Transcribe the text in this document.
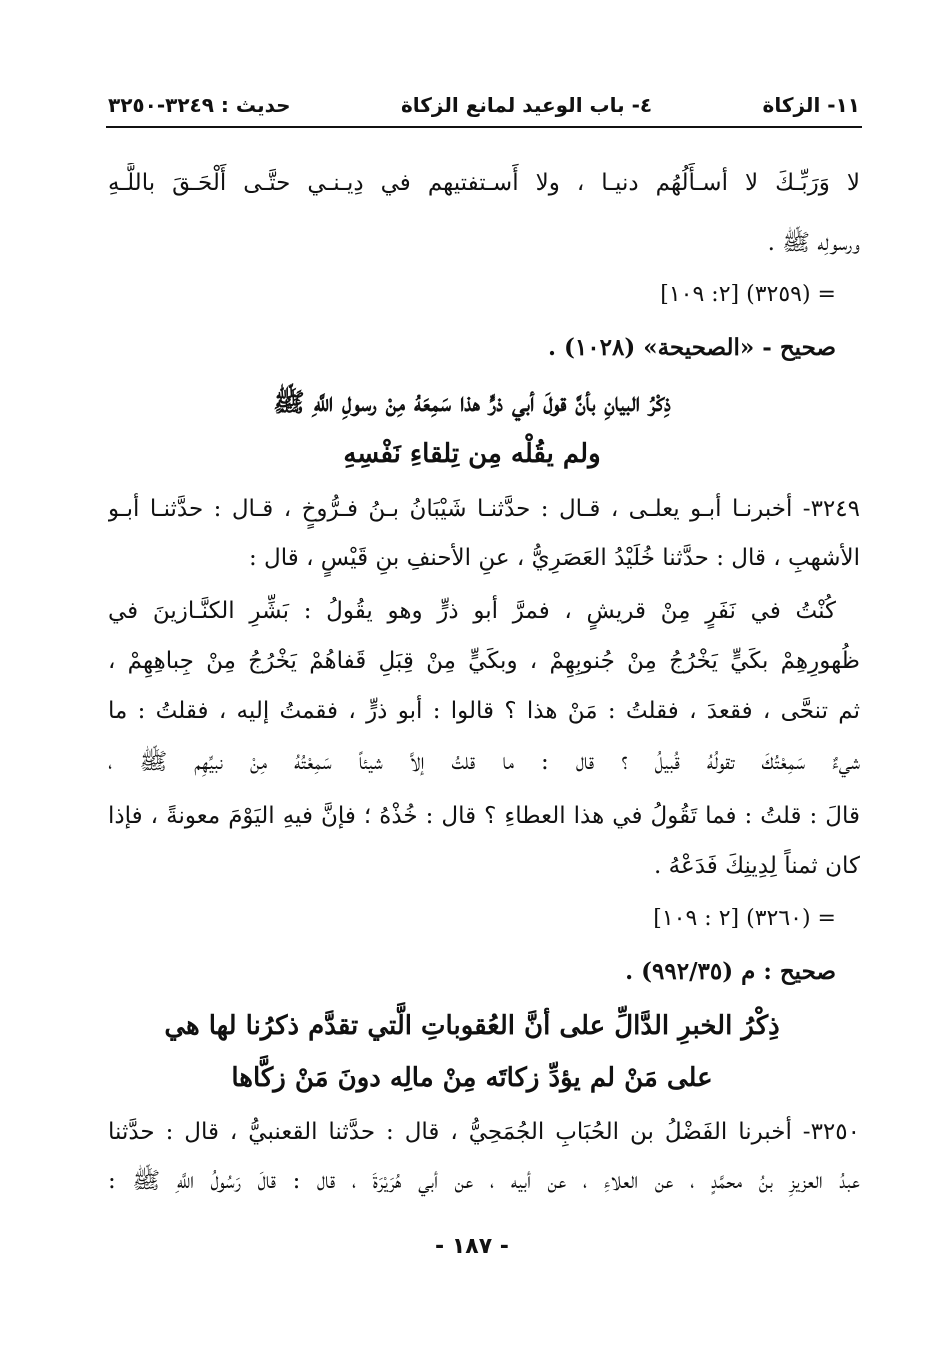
١١- الزكاة
٤- باب الوعيد لمانع الزكاة
حديث : ٣٢٤٩-٣٢٥٠
لا وَرَبِّـكَ لا أسـأَلُهُم دنيـا ، ولا أَسـتفتيهم في دِيـنـي حتَّـى أَلْحَـقَ باللَّـهِ
ورسولِه ﷺ .
= (٣٢٥٩) [٢: ١٠٩]
صحيح - «الصحيحة» (١٠٢٨) .
ذِكْرُ البيانِ بأنَّ قولَ أبي ذرٍّ هذا سَمِعَهُ مِنْ رسولِ اللَّهِ ﷺ
ولم يقُلْه مِن تِلقاءِ نَفْسِهِ
٣٢٤٩- أخبرنـا أبـو يعلـى ، قـال : حدَّثنـا شَيْبَانُ بـنُ فـرُّوخٍ ، قـال : حدَّثنـا أبـو
الأشهبِ ، قال : حدَّثنا خُلَيْدُ العَصَرِيُّ ، عنِ الأحنفِ بنِ قَيْسٍ ، قال :
كُنْتُ في نَفَرٍ مِنْ قريشٍ ، فمرَّ أبو ذرٍّ وهو يقُولُ : بَشِّرِ الكنَّـازينَ في
ظُهورِهِمْ بكَيٍّ يَخْرُجُ مِنْ جُنوبِهِمْ ، وبكَيٍّ مِنْ قِبَلِ قَفاهُمْ يَخْرُجُ مِنْ جِباهِهِمْ ،
ثم تنحَّى ، فقعدَ ، فقلتُ : مَنْ هذا ؟ قالوا : أبو ذرٍّ ، فقمتُ إليه ، فقلتُ : ما
شيءٌ سَمِعْتُكَ تقولُهُ قُبيلُ ؟ قال : ما قلتُ إلاَّ شيئاً سَمِعْتُهُ مِنْ نبيِّهِم ﷺ ،
قالَ : قلتُ : فما تَقُولُ في هذا العطاءِ ؟ قال : خُذْهُ ؛ فإنَّ فيهِ اليَوْمَ معونةً ، فإذا
كان ثمناً لِدِينِكَ فَدَعْهُ .
= (٣٢٦٠) [٢ : ١٠٩]
صحيح : م (٩٩٢/٣٥) .
ذِكْرُ الخبرِ الدَّالِّ على أنَّ العُقوباتِ الَّتي تقدَّم ذكرُنا لها هي
على مَنْ لم يؤدِّ زكاتَه مِنْ مالِه دونَ مَنْ زكَّاها
٣٢٥٠- أخبرنا الفَضْلُ بن الحُبَابِ الجُمَحِيُّ ، قال : حدَّثنا القعنبيُّ ، قال : حدَّثنا
عبدُ العزيزِ بنُ محمَّدٍ ، عن العلاءِ ، عن أبيه ، عن أبي هُرَيْرَةَ ، قال : قالَ رَسُولُ اللَّهِ ﷺ :
- ١٨٧ -
